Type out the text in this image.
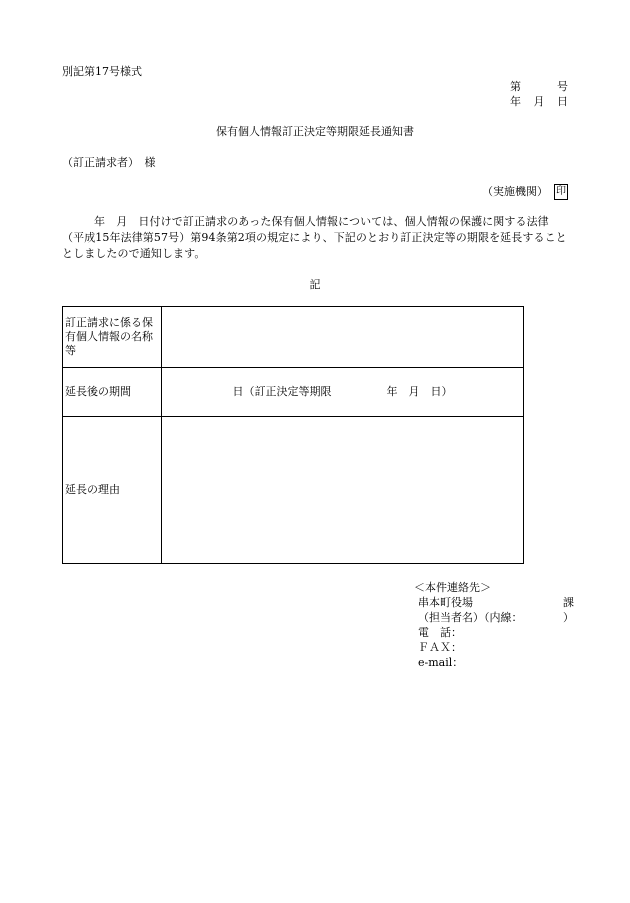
別記第17号様式
第	号
年 月 日
保有個人情報訂正決定等期限延長通知書
（訂正請求者）　様
（実施機関） 印
年　月　日付けで訂正請求のあった保有個人情報については、個人情報の保護に関する法律（平成15年法律第57号）第94条第2項の規定により、下記のとおり訂正決定等の期限を延長することとしましたので通知します。
記
訂正請求に係る保有個人情報の名称等	
延長後の期間	日（訂正決定等期限　　　　　年　月　日）
延長の理由	
＜本件連絡先＞
串本町役場	課
（担当者名）（内線：	）
電　話：
ＦＡＸ：
e-mail：
